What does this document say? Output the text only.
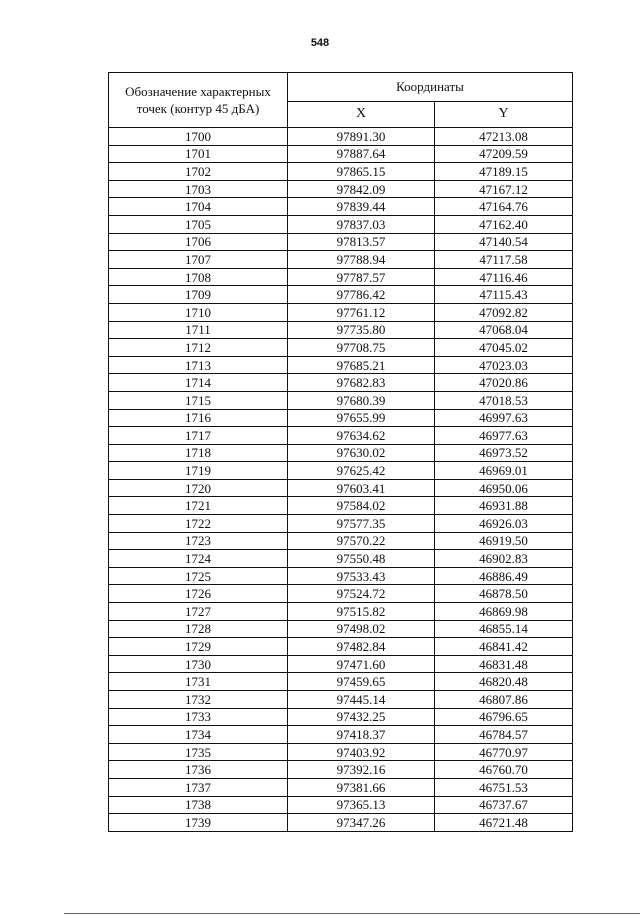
548
Обозначение характерных точек (контур 45 дБА)	Координаты	
	X	Y
1700	97891.30	47213.08
1701	97887.64	47209.59
1702	97865.15	47189.15
1703	97842.09	47167.12
1704	97839.44	47164.76
1705	97837.03	47162.40
1706	97813.57	47140.54
1707	97788.94	47117.58
1708	97787.57	47116.46
1709	97786.42	47115.43
1710	97761.12	47092.82
1711	97735.80	47068.04
1712	97708.75	47045.02
1713	97685.21	47023.03
1714	97682.83	47020.86
1715	97680.39	47018.53
1716	97655.99	46997.63
1717	97634.62	46977.63
1718	97630.02	46973.52
1719	97625.42	46969.01
1720	97603.41	46950.06
1721	97584.02	46931.88
1722	97577.35	46926.03
1723	97570.22	46919.50
1724	97550.48	46902.83
1725	97533.43	46886.49
1726	97524.72	46878.50
1727	97515.82	46869.98
1728	97498.02	46855.14
1729	97482.84	46841.42
1730	97471.60	46831.48
1731	97459.65	46820.48
1732	97445.14	46807.86
1733	97432.25	46796.65
1734	97418.37	46784.57
1735	97403.92	46770.97
1736	97392.16	46760.70
1737	97381.66	46751.53
1738	97365.13	46737.67
1739	97347.26	46721.48
